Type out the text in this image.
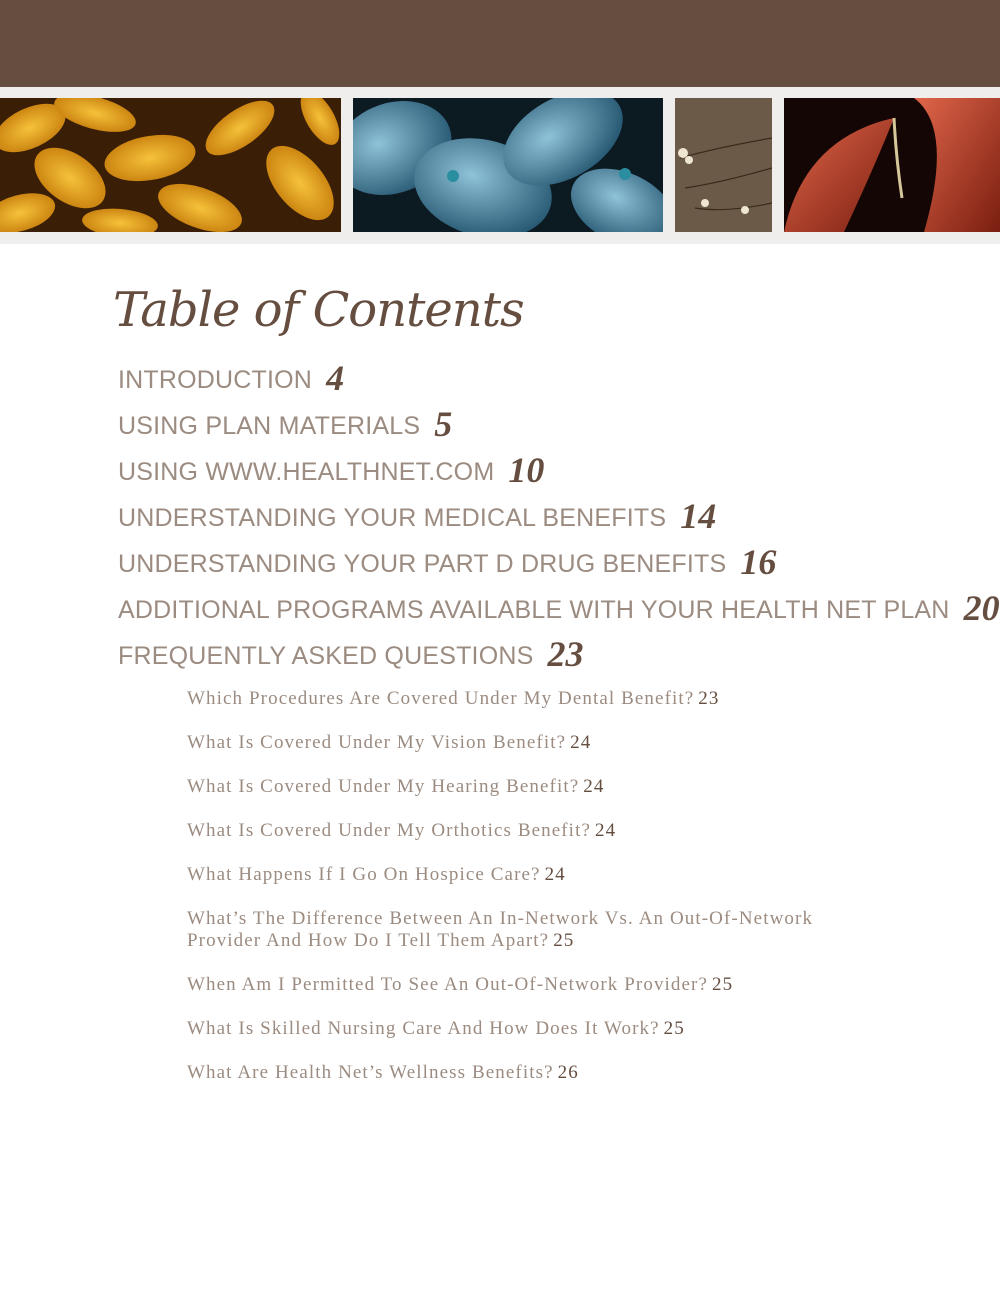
Table of Contents
INTRODUCTION 4
USING PLAN MATERIALS 5
USING WWW.HEALTHNET.COM 10
UNDERSTANDING YOUR MEDICAL BENEFITS 14
UNDERSTANDING YOUR PART D DRUG BENEFITS 16
ADDITIONAL PROGRAMS AVAILABLE WITH YOUR HEALTH NET PLAN 20
FREQUENTLY ASKED QUESTIONS 23
Which Procedures Are Covered Under My Dental Benefit? 23
What Is Covered Under My Vision Benefit? 24
What Is Covered Under My Hearing Benefit? 24
What Is Covered Under My Orthotics Benefit? 24
What Happens If I Go On Hospice Care? 24
What’s The Difference Between An In-Network Vs. An Out-Of-Network Provider And How Do I Tell Them Apart? 25
When Am I Permitted To See An Out-Of-Network Provider? 25
What Is Skilled Nursing Care And How Does It Work? 25
What Are Health Net’s Wellness Benefits? 26
